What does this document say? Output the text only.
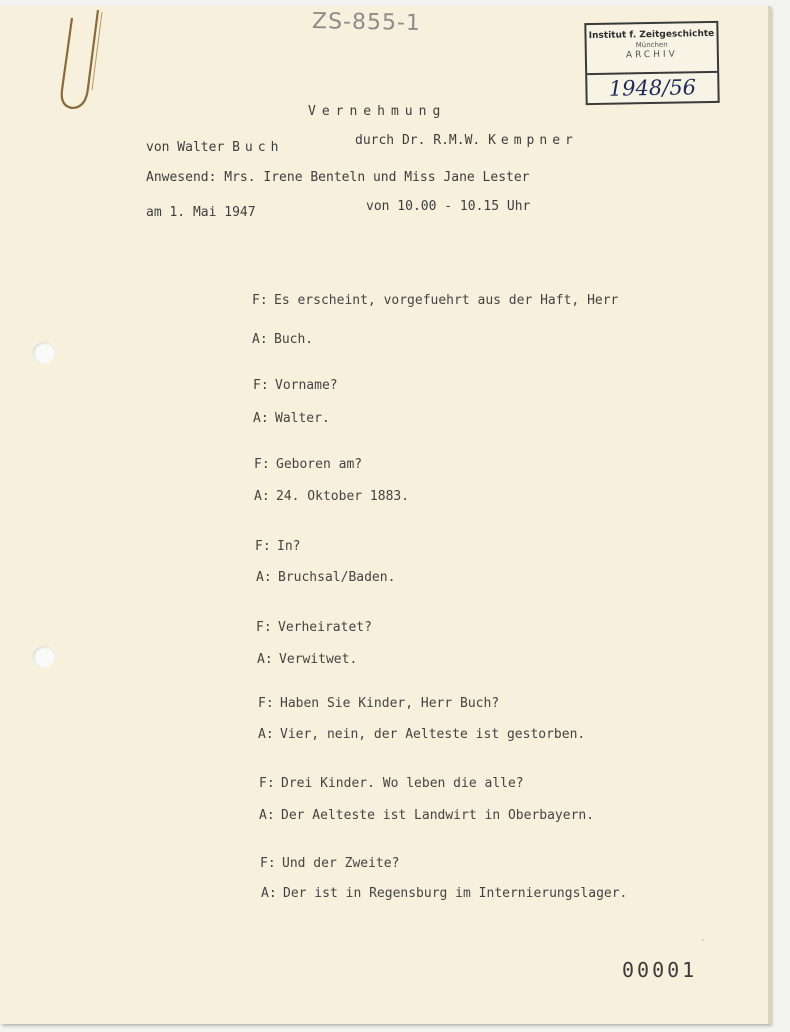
ZS-855-1	Institut f. Zeitgeschichte
München
ARCHIV
1948/56
Vernehmung
von Walter Buch	durch Dr. R.M.W. Kempner
Anwesend: Mrs. Irene Benteln und Miss Jane Lester
am 1. Mai 1947	von 10.00 - 10.15 Uhr
F: Es erscheint, vorgefuehrt aus der Haft, Herr
A: Buch.
F: Vorname?
A: Walter.
F: Geboren am?
A: 24. Oktober 1883.
F: In?
A: Bruchsal/Baden.
F: Verheiratet?
A: Verwitwet.
F: Haben Sie Kinder, Herr Buch?
A: Vier, nein, der Aelteste ist gestorben.
F: Drei Kinder. Wo leben die alle?
A: Der Aelteste ist Landwirt in Oberbayern.
F: Und der Zweite?
A: Der ist in Regensburg im Internierungslager.
·
00001
